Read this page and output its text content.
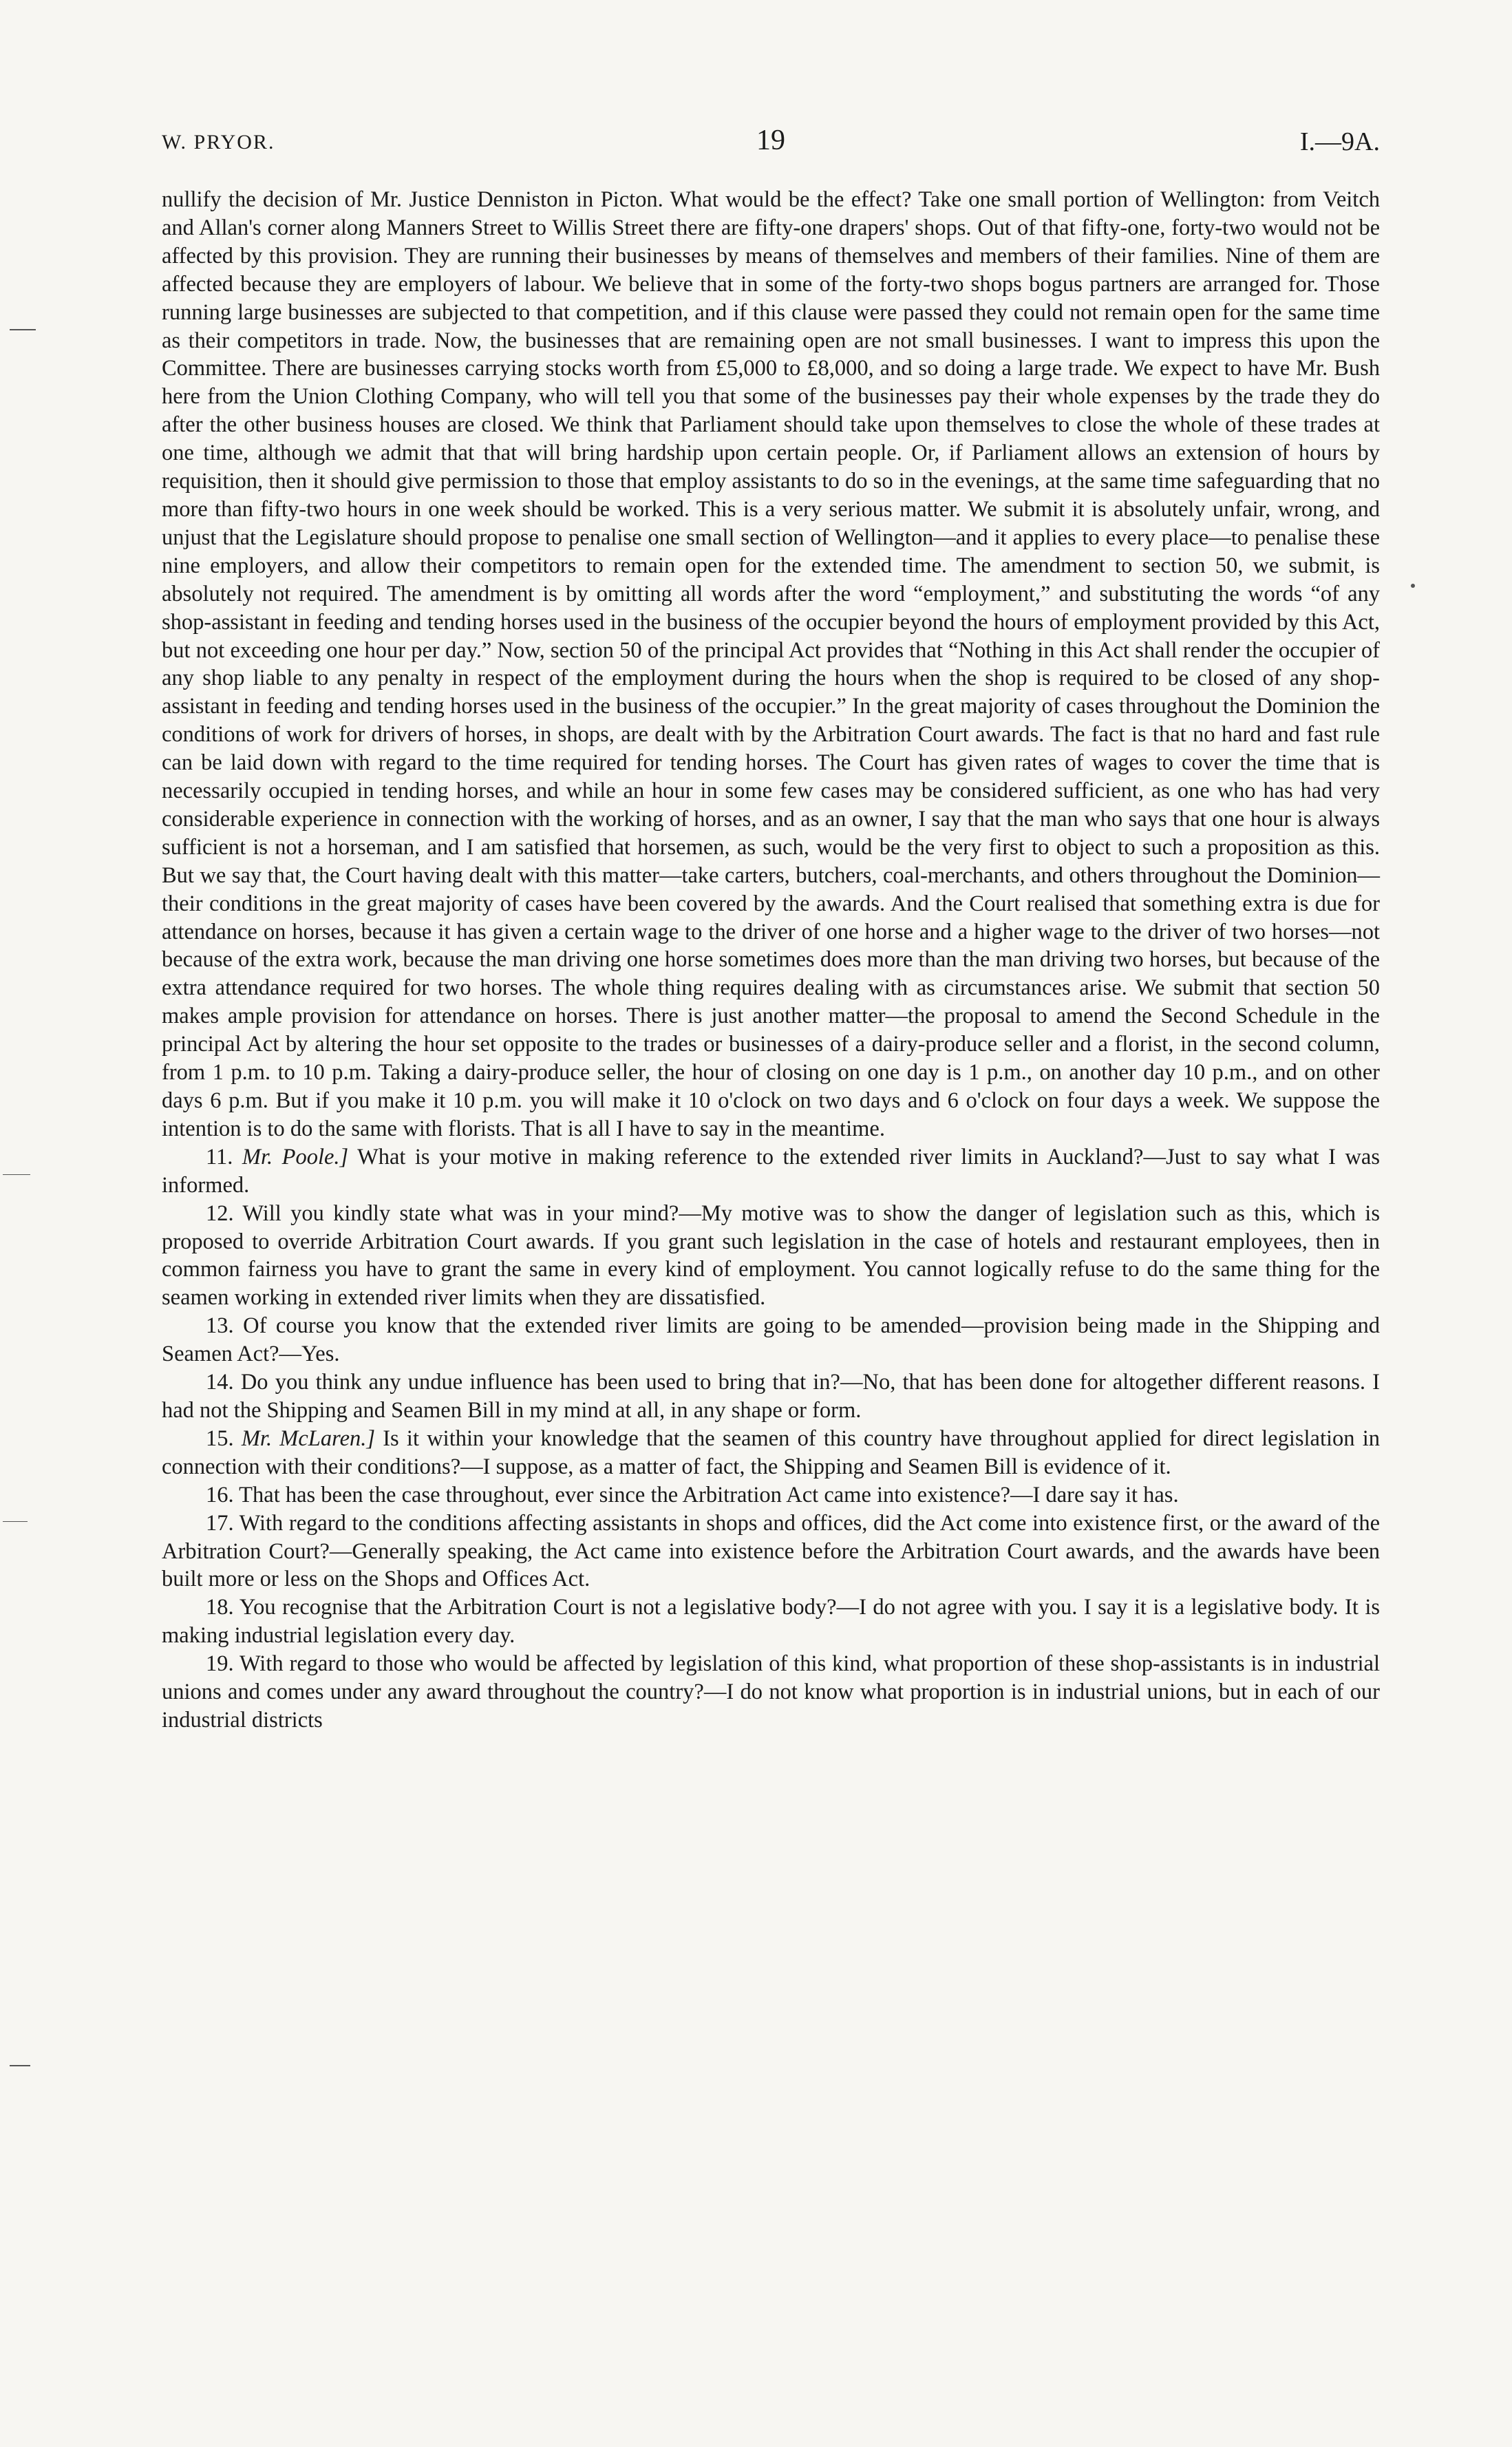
W. PRYOR.	19	I.—9A.

nullify the decision of Mr. Justice Denniston in Picton. What would be the effect? Take one small portion of Wellington: from Veitch and Allan's corner along Manners Street to Willis Street there are fifty-one drapers' shops. Out of that fifty-one, forty-two would not be affected by this provision. They are running their businesses by means of themselves and members of their families. Nine of them are affected because they are employers of labour. We believe that in some of the forty-two shops bogus partners are arranged for. Those running large businesses are subjected to that competition, and if this clause were passed they could not remain open for the same time as their competitors in trade. Now, the businesses that are remaining open are not small businesses. I want to impress this upon the Committee. There are businesses carrying stocks worth from £5,000 to £8,000, and so doing a large trade. We expect to have Mr. Bush here from the Union Clothing Company, who will tell you that some of the businesses pay their whole expenses by the trade they do after the other business houses are closed. We think that Parliament should take upon themselves to close the whole of these trades at one time, although we admit that that will bring hardship upon certain people. Or, if Parliament allows an extension of hours by requisition, then it should give permission to those that employ assistants to do so in the evenings, at the same time safeguarding that no more than fifty-two hours in one week should be worked. This is a very serious matter. We submit it is absolutely unfair, wrong, and unjust that the Legislature should propose to penalise one small section of Wellington—and it applies to every place—to penalise these nine employers, and allow their competitors to remain open for the extended time. The amendment to section 50, we submit, is absolutely not required. The amendment is by omitting all words after the word “employment,” and substituting the words “of any shop-assistant in feeding and tending horses used in the business of the occupier beyond the hours of employment provided by this Act, but not exceeding one hour per day.” Now, section 50 of the principal Act provides that “Nothing in this Act shall render the occupier of any shop liable to any penalty in respect of the employment during the hours when the shop is required to be closed of any shop-assistant in feeding and tending horses used in the business of the occupier.” In the great majority of cases throughout the Dominion the conditions of work for drivers of horses, in shops, are dealt with by the Arbitration Court awards. The fact is that no hard and fast rule can be laid down with regard to the time required for tending horses. The Court has given rates of wages to cover the time that is necessarily occupied in tending horses, and while an hour in some few cases may be considered sufficient, as one who has had very considerable experience in connection with the working of horses, and as an owner, I say that the man who says that one hour is always sufficient is not a horseman, and I am satisfied that horsemen, as such, would be the very first to object to such a proposition as this. But we say that, the Court having dealt with this matter—take carters, butchers, coal-merchants, and others throughout the Dominion—their conditions in the great majority of cases have been covered by the awards. And the Court realised that something extra is due for attendance on horses, because it has given a certain wage to the driver of one horse and a higher wage to the driver of two horses—not because of the extra work, because the man driving one horse sometimes does more than the man driving two horses, but because of the extra attendance required for two horses. The whole thing requires dealing with as circumstances arise. We submit that section 50 makes ample provision for attendance on horses. There is just another matter—the proposal to amend the Second Schedule in the principal Act by altering the hour set opposite to the trades or businesses of a dairy-produce seller and a florist, in the second column, from 1 p.m. to 10 p.m. Taking a dairy-produce seller, the hour of closing on one day is 1 p.m., on another day 10 p.m., and on other days 6 p.m. But if you make it 10 p.m. you will make it 10 o'clock on two days and 6 o'clock on four days a week. We suppose the intention is to do the same with florists. That is all I have to say in the meantime.

11. Mr. Poole.] What is your motive in making reference to the extended river limits in Auckland?—Just to say what I was informed.

12. Will you kindly state what was in your mind?—My motive was to show the danger of legislation such as this, which is proposed to override Arbitration Court awards. If you grant such legislation in the case of hotels and restaurant employees, then in common fairness you have to grant the same in every kind of employment. You cannot logically refuse to do the same thing for the seamen working in extended river limits when they are dissatisfied.

13. Of course you know that the extended river limits are going to be amended—provision being made in the Shipping and Seamen Act?—Yes.

14. Do you think any undue influence has been used to bring that in?—No, that has been done for altogether different reasons. I had not the Shipping and Seamen Bill in my mind at all, in any shape or form.

15. Mr. McLaren.] Is it within your knowledge that the seamen of this country have throughout applied for direct legislation in connection with their conditions?—I suppose, as a matter of fact, the Shipping and Seamen Bill is evidence of it.

16. That has been the case throughout, ever since the Arbitration Act came into existence?—I dare say it has.

17. With regard to the conditions affecting assistants in shops and offices, did the Act come into existence first, or the award of the Arbitration Court?—Generally speaking, the Act came into existence before the Arbitration Court awards, and the awards have been built more or less on the Shops and Offices Act.

18. You recognise that the Arbitration Court is not a legislative body?—I do not agree with you. I say it is a legislative body. It is making industrial legislation every day.

19. With regard to those who would be affected by legislation of this kind, what proportion of these shop-assistants is in industrial unions and comes under any award throughout the country?—I do not know what proportion is in industrial unions, but in each of our industrial districts
